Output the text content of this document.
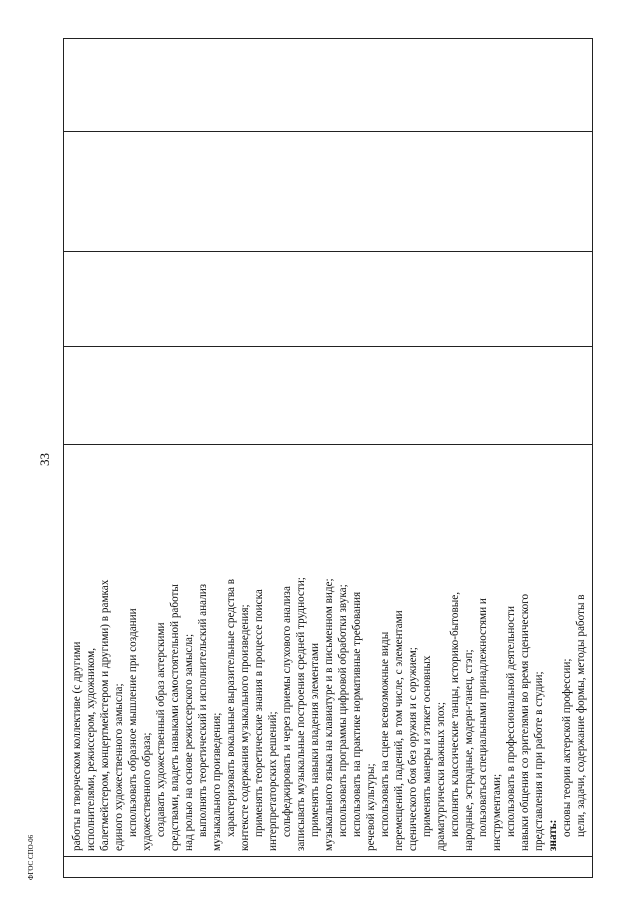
работы в творческом коллективе (с другими исполнителями, режиссером, художником, балетмейстером, концертмейстером и другими) в рамках единого художественного замысла; использовать образное мышление при создании художественного образа; создавать художественный образ актерскими средствами, владеть навыками самостоятельной работы над ролью на основе режиссерского замысла; выполнять теоретический и исполнительский анализ музыкального произведения; характеризовать вокальные выразительные средства в контексте содержания музыкального произведения; применять теоретические знания в процессе поиска интерпретаторских решений; сольфеджировать и через приемы слухового анализа записывать музыкальные построения средней трудности; применять навыки владения элементами музыкального языка на клавиатуре и в письменном виде; использовать программы цифровой обработки звука; использовать на практике нормативные требования речевой культуры; использовать на сцене всевозможные виды перемещений, падений, в том числе, с элементами сценического боя без оружия и с оружием; применять манеры и этикет основных драматургически важных эпох; исполнять классические танцы, историко-бытовые, народные, эстрадные, модерн-танец, стэп; пользоваться специальными принадлежностями и инструментами; использовать в профессиональной деятельности навыки общения со зрителями во время сценического представления и при работе в студии; знать: основы теории актерской профессии; цели, задачи, содержание формы, методы работы в
33
ФГОС СПО-06
